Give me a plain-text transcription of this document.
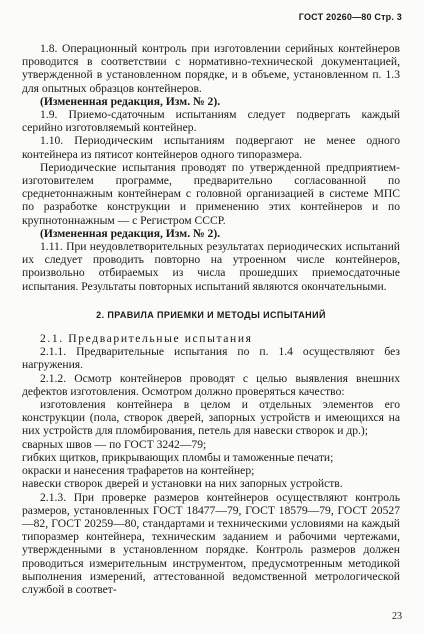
ГОСТ 20260—80 Стр. 3

1.8. Операционный контроль при изготовлении серийных контейнеров проводится в соответствии с нормативно-технической документацией, утвержденной в установленном порядке, и в объеме, установленном п. 1.3 для опытных образцов контейнеров.

(Измененная редакция, Изм. № 2).

1.9. Приемо-сдаточным испытаниям следует подвергать каждый серийно изготовляемый контейнер.

1.10. Периодическим испытаниям подвергают не менее одного контейнера из пятисот контейнеров одного типоразмера.

Периодические испытания проводят по утвержденной предприятием-изготовителем программе, предварительно согласованной по среднетоннажным контейнерам с головной организацией в системе МПС по разработке конструкции и применению этих контейнеров и по крупнотоннажным — с Регистром СССР.

(Измененная редакция, Изм. № 2).

1.11. При неудовлетворительных результатах периодических испытаний их следует проводить повторно на утроенном числе контейнеров, произвольно отбираемых из числа прошедших приемосдаточные испытания. Результаты повторных испытаний являются окончательными.

2. ПРАВИЛА ПРИЕМКИ И МЕТОДЫ ИСПЫТАНИЙ

2.1. Предварительные испытания

2.1.1. Предварительные испытания по п. 1.4 осуществляют без нагружения.

2.1.2. Осмотр контейнеров проводят с целью выявления внешних дефектов изготовления. Осмотром должно проверяться качество:

изготовления контейнера в целом и отдельных элементов его конструкции (пола, створок дверей, запорных устройств и имеющихся на них устройств для пломбирования, петель для навески створок и др.);

сварных швов — по ГОСТ 3242—79;

гибких щитков, прикрывающих пломбы и таможенные печати;

окраски и нанесения трафаретов на контейнер;

навески створок дверей и установки на них запорных устройств.

2.1.3. При проверке размеров контейнеров осуществляют контроль размеров, установленных ГОСТ 18477—79, ГОСТ 18579—79, ГОСТ 20527—82, ГОСТ 20259—80, стандартами и техническими условиями на каждый типоразмер контейнера, техническим заданием и рабочими чертежами, утвержденными в установленном порядке. Контроль размеров должен проводиться измерительным инструментом, предусмотренным методикой выполнения измерений, аттестованной ведомственной метрологической службой в соответ-

23
